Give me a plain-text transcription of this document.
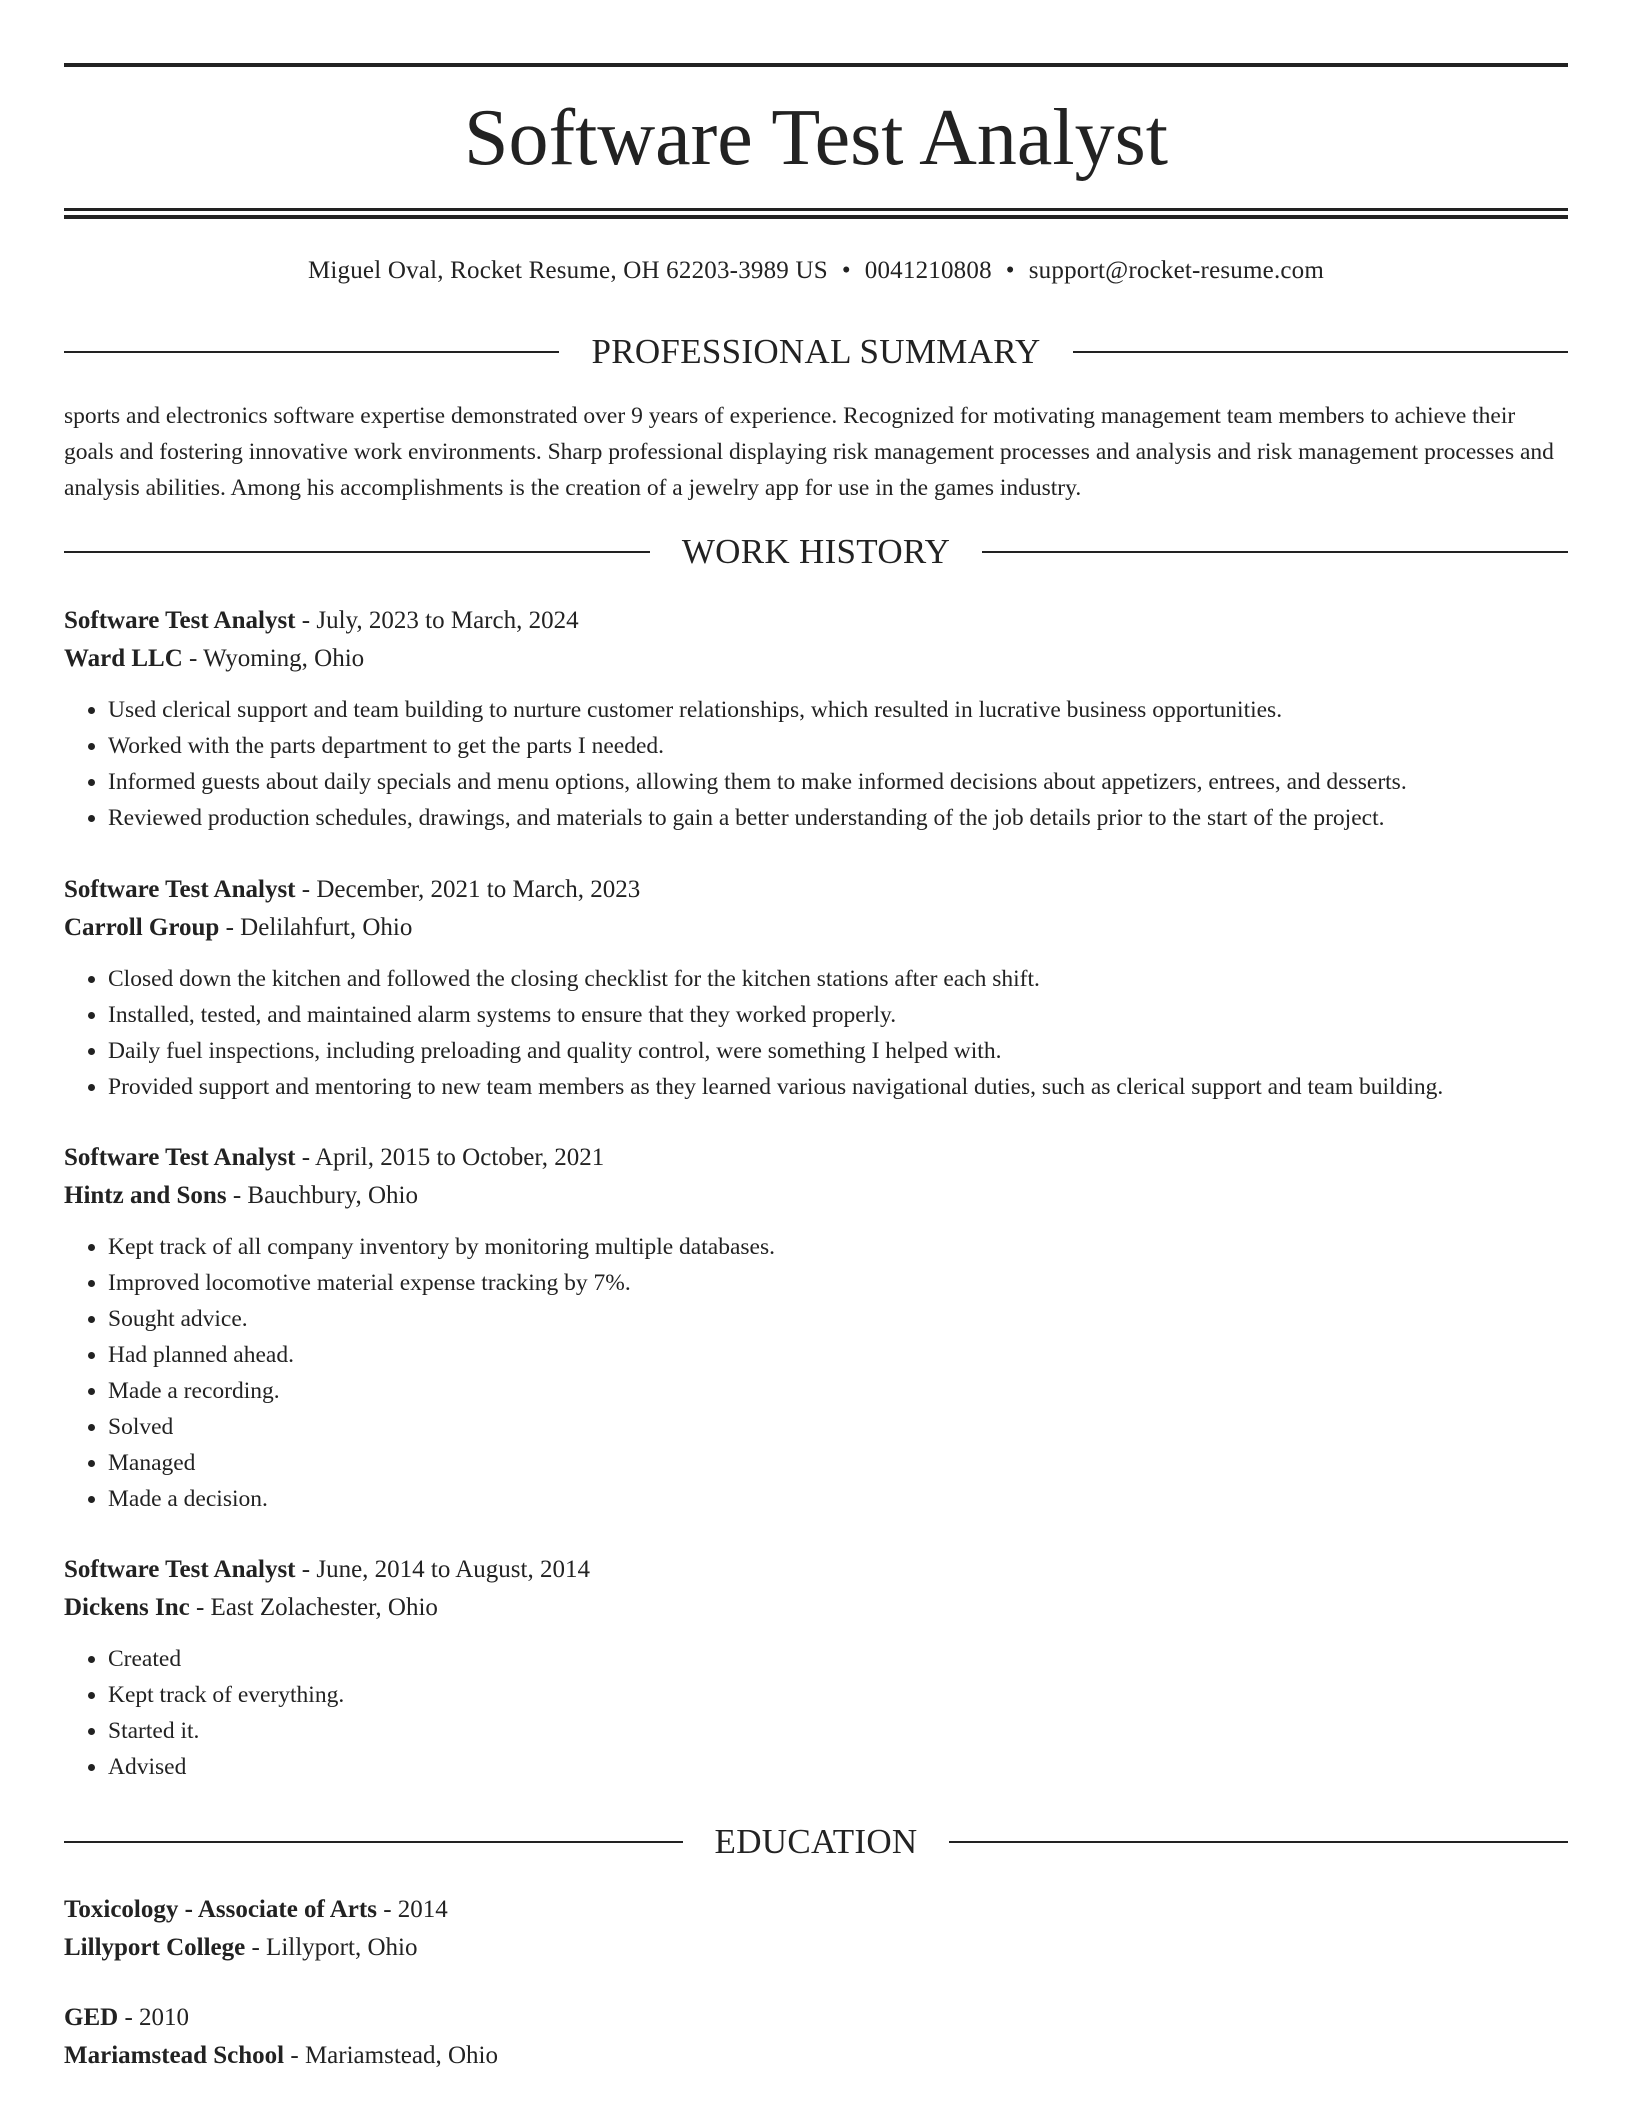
Software Test Analyst
Miguel Oval, Rocket Resume, OH 62203-3989 US • 0041210808 • support@rocket-resume.com
PROFESSIONAL SUMMARY
sports and electronics software expertise demonstrated over 9 years of experience. Recognized for motivating management team members to achieve their goals and fostering innovative work environments. Sharp professional displaying risk management processes and analysis and risk management processes and analysis abilities. Among his accomplishments is the creation of a jewelry app for use in the games industry.
WORK HISTORY
Software Test Analyst - July, 2023 to March, 2024
Ward LLC - Wyoming, Ohio
• Used clerical support and team building to nurture customer relationships, which resulted in lucrative business opportunities.
• Worked with the parts department to get the parts I needed.
• Informed guests about daily specials and menu options, allowing them to make informed decisions about appetizers, entrees, and desserts.
• Reviewed production schedules, drawings, and materials to gain a better understanding of the job details prior to the start of the project.
Software Test Analyst - December, 2021 to March, 2023
Carroll Group - Delilahfurt, Ohio
• Closed down the kitchen and followed the closing checklist for the kitchen stations after each shift.
• Installed, tested, and maintained alarm systems to ensure that they worked properly.
• Daily fuel inspections, including preloading and quality control, were something I helped with.
• Provided support and mentoring to new team members as they learned various navigational duties, such as clerical support and team building.
Software Test Analyst - April, 2015 to October, 2021
Hintz and Sons - Bauchbury, Ohio
• Kept track of all company inventory by monitoring multiple databases.
• Improved locomotive material expense tracking by 7%.
• Sought advice.
• Had planned ahead.
• Made a recording.
• Solved
• Managed
• Made a decision.
Software Test Analyst - June, 2014 to August, 2014
Dickens Inc - East Zolachester, Ohio
• Created
• Kept track of everything.
• Started it.
• Advised
EDUCATION
Toxicology - Associate of Arts - 2014
Lillyport College - Lillyport, Ohio
GED - 2010
Mariamstead School - Mariamstead, Ohio
